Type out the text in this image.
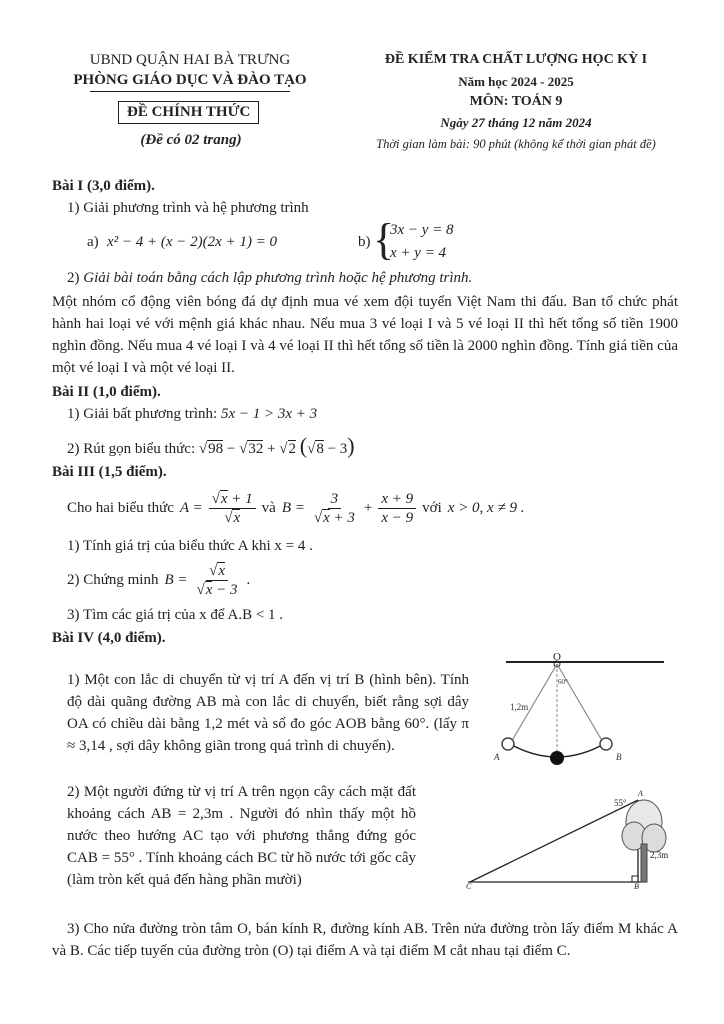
UBND QUẬN HAI BÀ TRƯNG
PHÒNG GIÁO DỤC VÀ ĐÀO TẠO
ĐỀ CHÍNH THỨC
(Đề có 02 trang)
ĐỀ KIỂM TRA CHẤT LƯỢNG HỌC KỲ I
Năm học 2024 - 2025
MÔN: TOÁN 9
Ngày 27 tháng 12 năm 2024
Thời gian làm bài: 90 phút (không kể thời gian phát đề)
Bài I (3,0 điểm).
1) Giải phương trình và hệ phương trình
a) x² − 4 + (x − 2)(2x + 1) = 0	b) {
3x − y = 8
x + y = 4
2) Giải bài toán bằng cách lập phương trình hoặc hệ phương trình.
Một nhóm cổ động viên bóng đá dự định mua vé xem đội tuyển Việt Nam thi đấu. Ban tổ chức phát hành hai loại vé với mệnh giá khác nhau. Nếu mua 3 vé loại I và 5 vé loại II thì hết tổng số tiền 1900 nghìn đồng. Nếu mua 4 vé loại I và 4 vé loại II thì hết tổng số tiền là 2000 nghìn đồng. Tính giá tiền của một vé loại I và một vé loại II.
Bài II (1,0 điểm).
1) Giải bất phương trình: 5x − 1 > 3x + 3
2) Rút gọn biểu thức: √98 − √32 + √2 (√8 − 3)
Bài III (1,5 điểm).
Cho hai biểu thức $A = \frac{√x + 1}{√x}$ và $B = \frac{3}{√x + 3} + \frac{x + 9}{x - 9}$ với x > 0, x ≠ 9 .
1) Tính giá trị của biểu thức A khi x = 4 .
2) Chứng minh $B = \frac{√x}{√x - 3}$ .
3) Tìm các giá trị của x để A.B < 1 .
Bài IV (4,0 điểm).
1) Một con lắc di chuyển từ vị trí A đến vị trí B (hình bên). Tính độ dài quãng đường AB mà con lắc di chuyển, biết rằng sợi dây OA có chiều dài bằng 1,2 mét và số đo góc AOB bằng 60°. (lấy π ≈ 3,14 , sợi dây không giãn trong quá trình di chuyển).
O
1,2m
60°
A	B
2) Một người đứng từ vị trí A trên ngọn cây cách mặt đất khoảng cách AB = 2,3m . Người đó nhìn thấy một hồ nước theo hướng AC tạo với phương thẳng đứng góc CAB = 55° . Tính khoảng cách BC từ hồ nước tới gốc cây (làm tròn kết quả đến hàng phần mười)
55°
2,3m
C	B
A
3) Cho nửa đường tròn tâm O, bán kính R, đường kính AB. Trên nửa đường tròn lấy điểm M khác A và B. Các tiếp tuyến của đường tròn (O) tại điểm A và tại điểm M cắt nhau tại điểm C.
